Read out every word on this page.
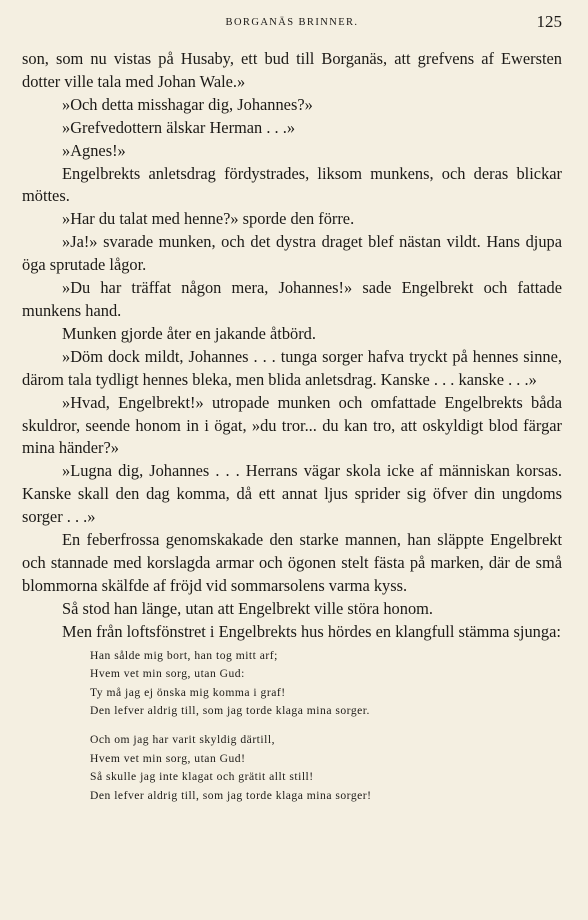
BORGANÄS BRINNER.	125

son, som nu vistas på Husaby, ett bud till Borganäs, att grefvens af Ewersten dotter ville tala med Johan Wale.»

»Och detta misshagar dig, Johannes?»

»Grefvedottern älskar Herman . . .»

»Agnes!»

Engelbrekts anletsdrag fördystrades, liksom munkens, och deras blickar möttes.

»Har du talat med henne?» sporde den förre.

»Ja!» svarade munken, och det dystra draget blef nästan vildt. Hans djupa öga sprutade lågor.

»Du har träffat någon mera, Johannes!» sade Engelbrekt och fattade munkens hand.

Munken gjorde åter en jakande åtbörd.

»Döm dock mildt, Johannes . . . tunga sorger hafva tryckt på hennes sinne, därom tala tydligt hennes bleka, men blida anletsdrag. Kanske . . . kanske . . .»

»Hvad, Engelbrekt!» utropade munken och omfattade Engelbrekts båda skuldror, seende honom in i ögat, »du tror... du kan tro, att oskyldigt blod färgar mina händer?»

»Lugna dig, Johannes . . . Herrans vägar skola icke af människan korsas. Kanske skall den dag komma, då ett annat ljus sprider sig öfver din ungdoms sorger . . .»

En feberfrossa genomskakade den starke mannen, han släppte Engelbrekt och stannade med korslagda armar och ögonen stelt fästa på marken, där de små blommorna skälfde af fröjd vid sommarsolens varma kyss.

Så stod han länge, utan att Engelbrekt ville störa honom.

Men från loftsfönstret i Engelbrekts hus hördes en klangfull stämma sjunga:

Han sålde mig bort, han tog mitt arf;
Hvem vet min sorg, utan Gud:
Ty må jag ej önska mig komma i graf!
Den lefver aldrig till, som jag torde klaga mina sorger.
Och om jag har varit skyldig därtill,
Hvem vet min sorg, utan Gud!
Så skulle jag inte klagat och grätit allt still!
Den lefver aldrig till, som jag torde klaga mina sorger!
